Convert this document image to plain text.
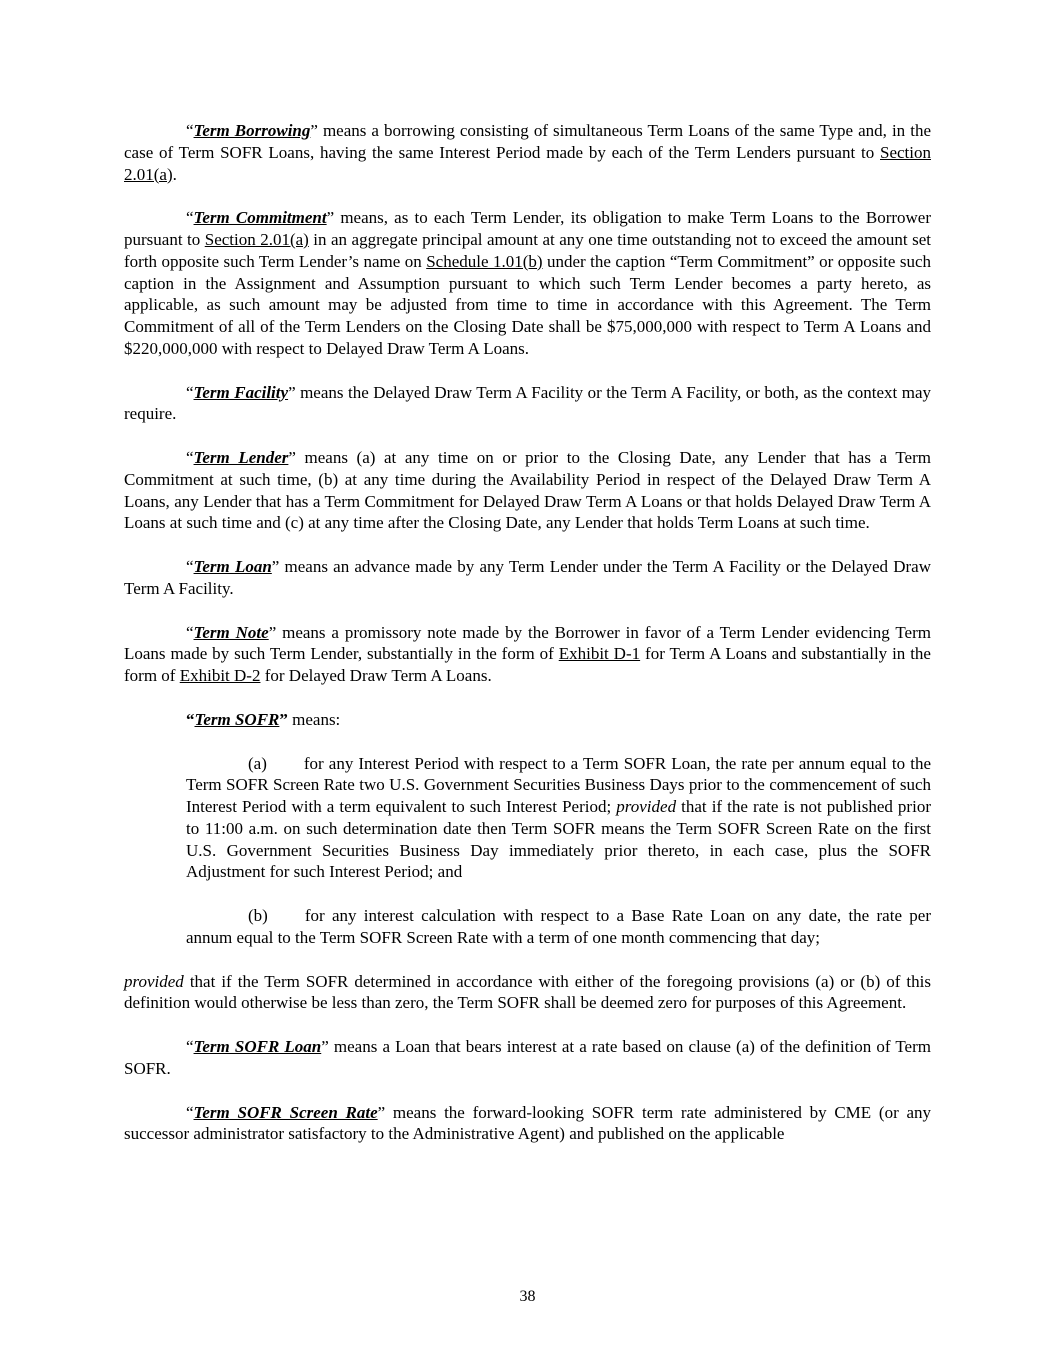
“Term Borrowing” means a borrowing consisting of simultaneous Term Loans of the same Type and, in the case of Term SOFR Loans, having the same Interest Period made by each of the Term Lenders pursuant to Section 2.01(a).

“Term Commitment” means, as to each Term Lender, its obligation to make Term Loans to the Borrower pursuant to Section 2.01(a) in an aggregate principal amount at any one time outstanding not to exceed the amount set forth opposite such Term Lender’s name on Schedule 1.01(b) under the caption “Term Commitment” or opposite such caption in the Assignment and Assumption pursuant to which such Term Lender becomes a party hereto, as applicable, as such amount may be adjusted from time to time in accordance with this Agreement. The Term Commitment of all of the Term Lenders on the Closing Date shall be $75,000,000 with respect to Term A Loans and $220,000,000 with respect to Delayed Draw Term A Loans.

“Term Facility” means the Delayed Draw Term A Facility or the Term A Facility, or both, as the context may require.

“Term Lender” means (a) at any time on or prior to the Closing Date, any Lender that has a Term Commitment at such time, (b) at any time during the Availability Period in respect of the Delayed Draw Term A Loans, any Lender that has a Term Commitment for Delayed Draw Term A Loans or that holds Delayed Draw Term A Loans at such time and (c) at any time after the Closing Date, any Lender that holds Term Loans at such time.

“Term Loan” means an advance made by any Term Lender under the Term A Facility or the Delayed Draw Term A Facility.

“Term Note” means a promissory note made by the Borrower in favor of a Term Lender evidencing Term Loans made by such Term Lender, substantially in the form of Exhibit D-1 for Term A Loans and substantially in the form of Exhibit D-2 for Delayed Draw Term A Loans.

“Term SOFR” means:

(a) for any Interest Period with respect to a Term SOFR Loan, the rate per annum equal to the Term SOFR Screen Rate two U.S. Government Securities Business Days prior to the commencement of such Interest Period with a term equivalent to such Interest Period; provided that if the rate is not published prior to 11:00 a.m. on such determination date then Term SOFR means the Term SOFR Screen Rate on the first U.S. Government Securities Business Day immediately prior thereto, in each case, plus the SOFR Adjustment for such Interest Period; and

(b) for any interest calculation with respect to a Base Rate Loan on any date, the rate per annum equal to the Term SOFR Screen Rate with a term of one month commencing that day;

provided that if the Term SOFR determined in accordance with either of the foregoing provisions (a) or (b) of this definition would otherwise be less than zero, the Term SOFR shall be deemed zero for purposes of this Agreement.

“Term SOFR Loan” means a Loan that bears interest at a rate based on clause (a) of the definition of Term SOFR.

“Term SOFR Screen Rate” means the forward-looking SOFR term rate administered by CME (or any successor administrator satisfactory to the Administrative Agent) and published on the applicable

38
